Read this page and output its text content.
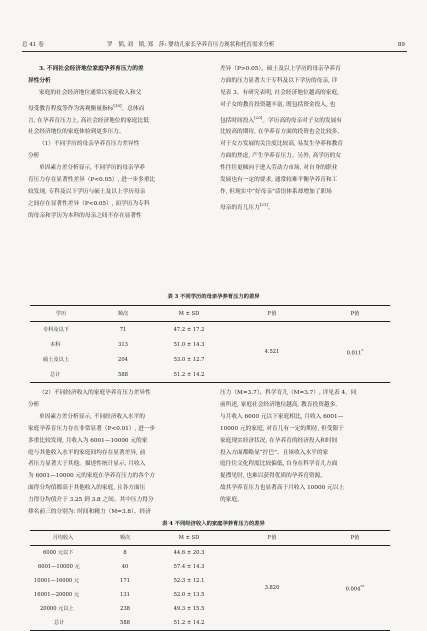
总 41 卷	罗　韬, 刘　韬, 郑　莎: 婴幼儿家长孕养育压力现状和托育需求分析	89

3. 不同社会经济地位家庭孕养育压力的差

异性分析

家庭的社会经济地位通常以家庭收入和父

母受教育程度等作为客观衡量指标[18]。总体而

言, 在孕养育压力上, 高社会经济地位的家庭比低

社会经济地位的家庭体验到更多压力。

（1）不同学历的母亲孕养育压力差异性

分析

单因素方差分析显示, 不同学历的母亲孕养

育压力存在显著性差异（P<0.05）, 进一步多重比

较发现, 专科及以下学历与硕士及以上学历母亲

之间存在显著性差异（P<0.05）, 而学历为专科

的母亲和学历为本科的母亲之间不存在显著性

差异（P>0.05）。硕士及以上学历的母亲孕养育

方面的压力显著大于专科及以下学历的母亲, 详

见表 3。有研究表明, 社会经济地位越高的家庭,

对子女的教育投资越丰富, 既包括资金投入, 也

包括时间投入[20]。学历高的母亲对子女的发展有

比较高的期待, 在孕养育方面的投资也会比较多,

对于女方发展的关注度比较高, 易发生孕养和教育

方面的焦虑, 产生孕养育压力。另外, 高学历的女

性往往更倾向于进入劳动力市场, 对自身的职业

发展也有一定的要求, 通常较难平衡孕养育和工

作, 但现实中“好母亲”话语体系却增加了职场

母亲的育儿压力[21]。

表 3 不同学历的母亲孕养育压力的差异
学历	频次	M ± SD	F值	P值
专科及以下	71	47.2 ± 17.2	4.521	0.011*
本科	313	51.0 ± 14.3		
硕士及以上	204	53.0 ± 12.7		
总计	588	51.2 ± 14.2		

（2）不同经济收入的家庭孕养育压力差异性

分析

单因素方差分析显示, 不同经济收入水平的

家庭孕养育压力存在非常显著（P<0.01）, 进一步

多重比较发现, 月收入为 6001—10000 元的家

庭与其他收入水平的家庭间均存在显著差异, 前

者压力显著大于其他。描述性统计显示, 月收入

为 6001—10000 元的家庭在孕养育压力的各个方

面得分均值都高于其他收入的家庭, 且各方面压

力得分均值介于 3.25 到 3.8 之间。其中压力得分

排名前三的分别为: 时间和精力（M=3.8）、经济

压力（M=3.7）、科学育儿（M=3.7）, 详见表 4。同

前所述, 家庭社会经济地位越高, 教育投资越多。

与月收入 6000 元以下家庭相比, 月收入 6001—

10000 元的家庭, 对育儿有一定的期待, 但受限于

家庭现实经济状况, 在孕养育的经济投入和时间

投入方面都略显“拧巴”。且该收入水平的家

庭往往文化程度比较偏低, 自身在科学育儿方面

捉襟见肘, 也难以获得优质的孕养育资源。

故其孕养育压力也显著高于月收入 10000 元以上

的家庭。

表 4 不同经济收入的家庭孕养育压力的差异
月均收入	频次	M ± SD	F值	P值
6000 元以下	8	44.6 ± 20.3	3.820	0.004**
6001—10000 元	40	57.4 ± 14.3		
10001—16000 元	171	52.3 ± 12.1		
16001—20000 元	131	52.0 ± 13.5		
20000 元以上	238	49.3 ± 15.5		
总计	588	51.2 ± 14.2		
